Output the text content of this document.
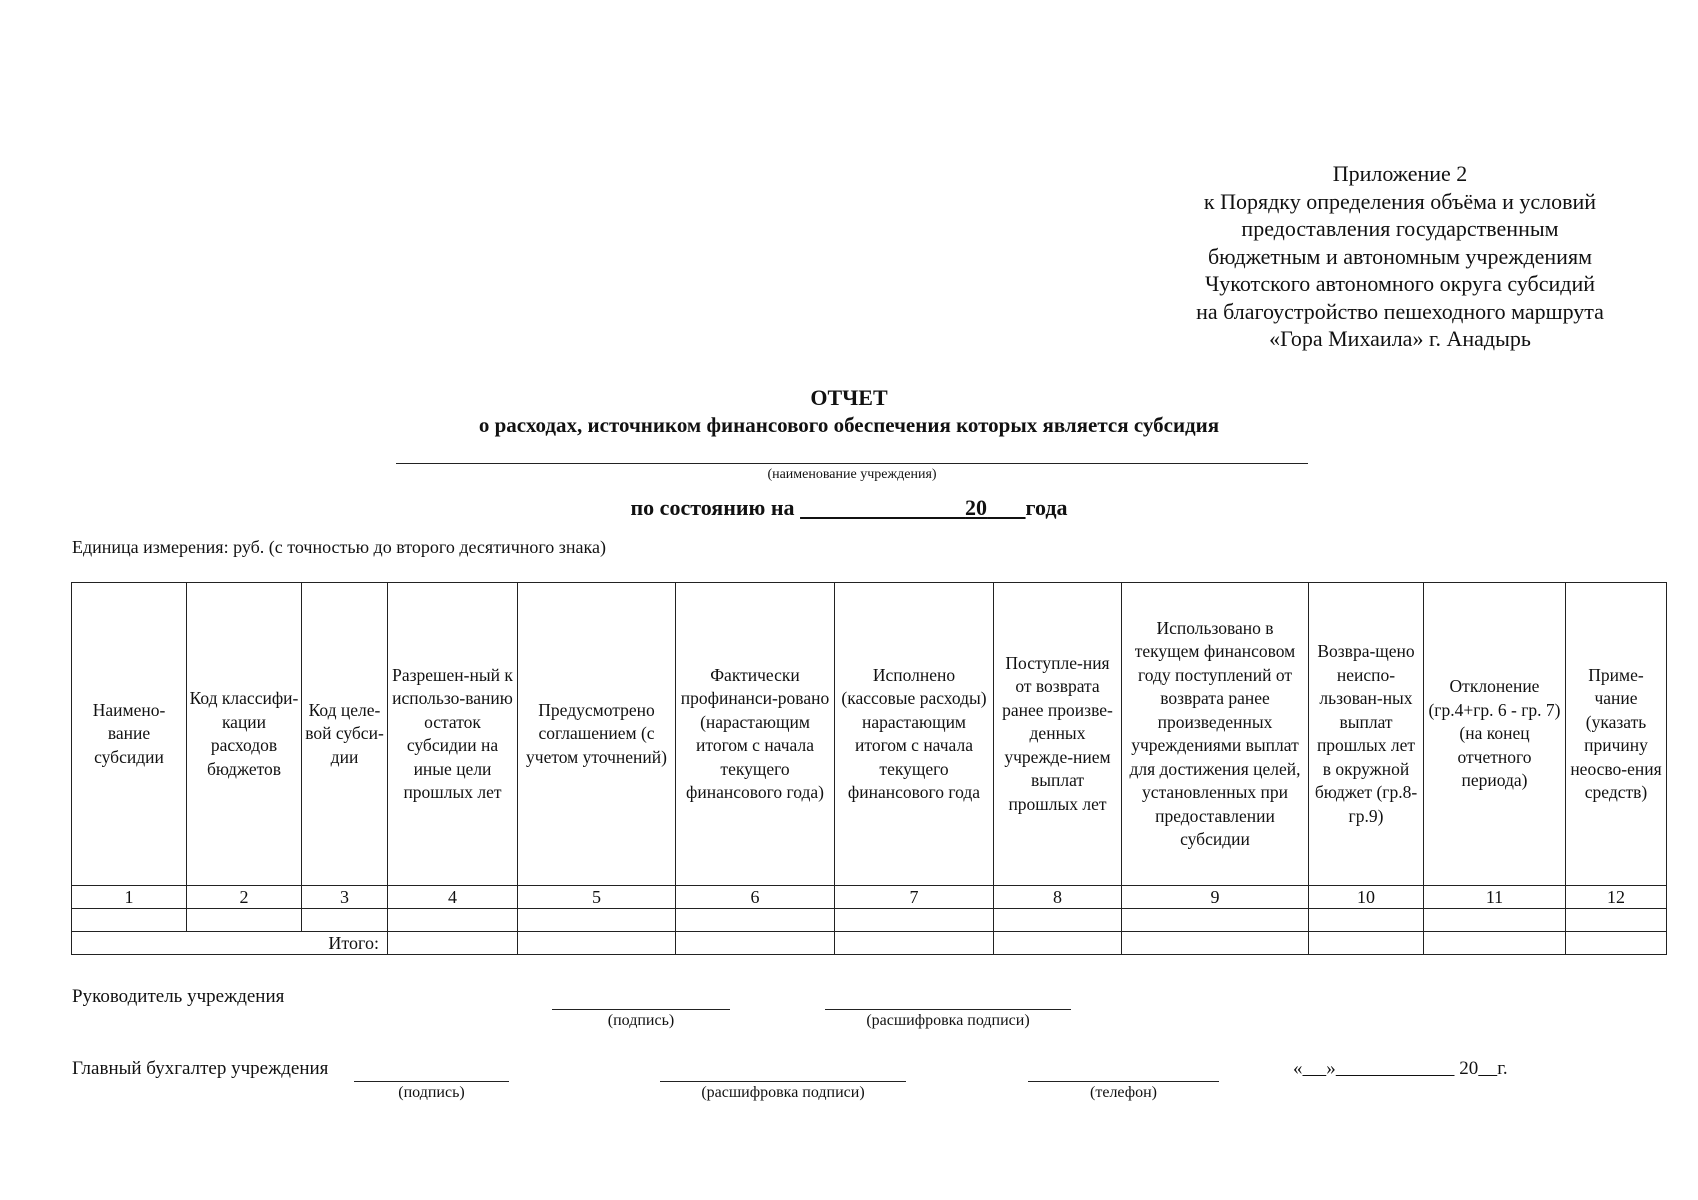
Приложение 2
к Порядку определения объёма и условий
предоставления государственным
бюджетным и автономным учреждениям
Чукотского автономного округа субсидий
на благоустройство пешеходного маршрута
«Гора Михаила» г. Анадырь
ОТЧЕТ
о расходах, источником финансового обеспечения которых является субсидия
(наименование учреждения)
по состоянию на	20 года
Единица измерения: руб. (с точностью до второго десятичного знака)
Наимено-вание субсидии	Код классифи-кации расходов бюджетов	Код целе-вой субси-дии	Разрешен-ный к использо-ванию остаток субсидии на иные цели прошлых лет	Предусмотрено соглашением (с учетом уточнений)	Фактически профинанси-ровано (нарастающим итогом с начала текущего финансового года)	Исполнено (кассовые расходы) нарастающим итогом с начала текущего финансового года	Поступле-ния от возврата ранее произве-денных учрежде-нием выплат прошлых лет	Использовано в текущем финансовом году поступлений от возврата ранее произведенных учреждениями выплат для достижения целей, установленных при предоставлении субсидии	Возвра-щено неиспо-льзован-ных выплат прошлых лет в окружной бюджет (гр.8-гр.9)	Отклонение (гр.4+гр. 6 - гр. 7) (на конец отчетного периода)	Приме-чание (указать причину неосво-ения средств)
1	2	3	4	5	6	7	8	9	10	11	12

Итого:											
Руководитель учреждения
(подпись)	(расшифровка подписи)
Главный бухгалтер учреждения
(подпись)	(расшифровка подписи)	(телефон)
« »	20 г.
